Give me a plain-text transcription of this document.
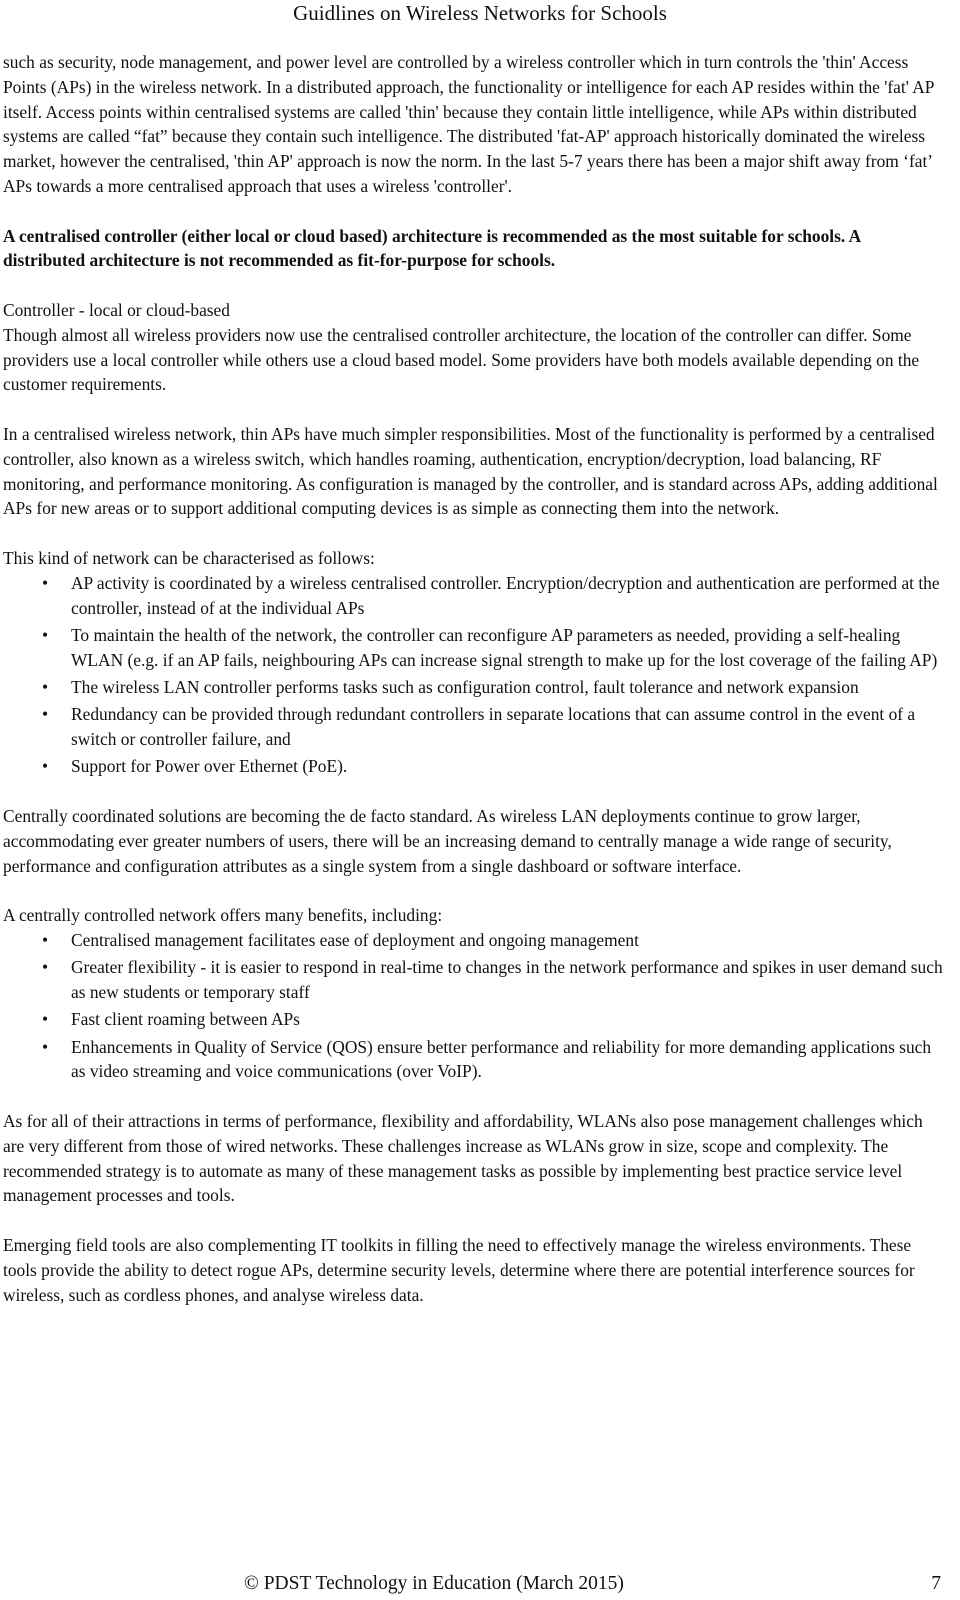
Guidlines on Wireless Networks for Schools

such as security, node management, and power level are controlled by a wireless controller which in turn controls the 'thin' Access Points (APs) in the wireless network. In a distributed approach, the functionality or intelligence for each AP resides within the 'fat' AP itself. Access points within centralised systems are called 'thin' because they contain little intelligence, while APs within distributed systems are called “fat” because they contain such intelligence. The distributed 'fat-AP' approach historically dominated the wireless market, however the centralised, 'thin AP' approach is now the norm. In the last 5-7 years there has been a major shift away from ‘fat’ APs towards a more centralised approach that uses a wireless 'controller'.

A centralised controller (either local or cloud based) architecture is recommended as the most suitable for schools. A distributed architecture is not recommended as fit-for-purpose for schools.

Controller - local or cloud-based

Though almost all wireless providers now use the centralised controller architecture, the location of the controller can differ. Some providers use a local controller while others use a cloud based model. Some providers have both models available depending on the customer requirements.

In a centralised wireless network, thin APs have much simpler responsibilities. Most of the functionality is performed by a centralised controller, also known as a wireless switch, which handles roaming, authentication, encryption/decryption, load balancing, RF monitoring, and performance monitoring. As configuration is managed by the controller, and is standard across APs, adding additional APs for new areas or to support additional computing devices is as simple as connecting them into the network.

This kind of network can be characterised as follows:

•	AP activity is coordinated by a wireless centralised controller. Encryption/decryption and authentication are performed at the controller, instead of at the individual APs
•	To maintain the health of the network, the controller can reconfigure AP parameters as needed, providing a self-healing WLAN (e.g. if an AP fails, neighbouring APs can increase signal strength to make up for the lost coverage of the failing AP)
•	The wireless LAN controller performs tasks such as configuration control, fault tolerance and network expansion
•	Redundancy can be provided through redundant controllers in separate locations that can assume control in the event of a switch or controller failure, and
•	Support for Power over Ethernet (PoE).

Centrally coordinated solutions are becoming the de facto standard. As wireless LAN deployments continue to grow larger, accommodating ever greater numbers of users, there will be an increasing demand to centrally manage a wide range of security, performance and configuration attributes as a single system from a single dashboard or software interface.

A centrally controlled network offers many benefits, including:

•	Centralised management facilitates ease of deployment and ongoing management
•	Greater flexibility - it is easier to respond in real-time to changes in the network performance and spikes in user demand such as new students or temporary staff
•	Fast client roaming between APs
•	Enhancements in Quality of Service (QOS) ensure better performance and reliability for more demanding applications such as video streaming and voice communications (over VoIP).

As for all of their attractions in terms of performance, flexibility and affordability, WLANs also pose management challenges which are very different from those of wired networks. These challenges increase as WLANs grow in size, scope and complexity. The recommended strategy is to automate as many of these management tasks as possible by implementing best practice service level management processes and tools.

Emerging field tools are also complementing IT toolkits in filling the need to effectively manage the wireless environments. These tools provide the ability to detect rogue APs, determine security levels, determine where there are potential interference sources for wireless, such as cordless phones, and analyse wireless data.

© PDST Technology in Education (March 2015)	7
